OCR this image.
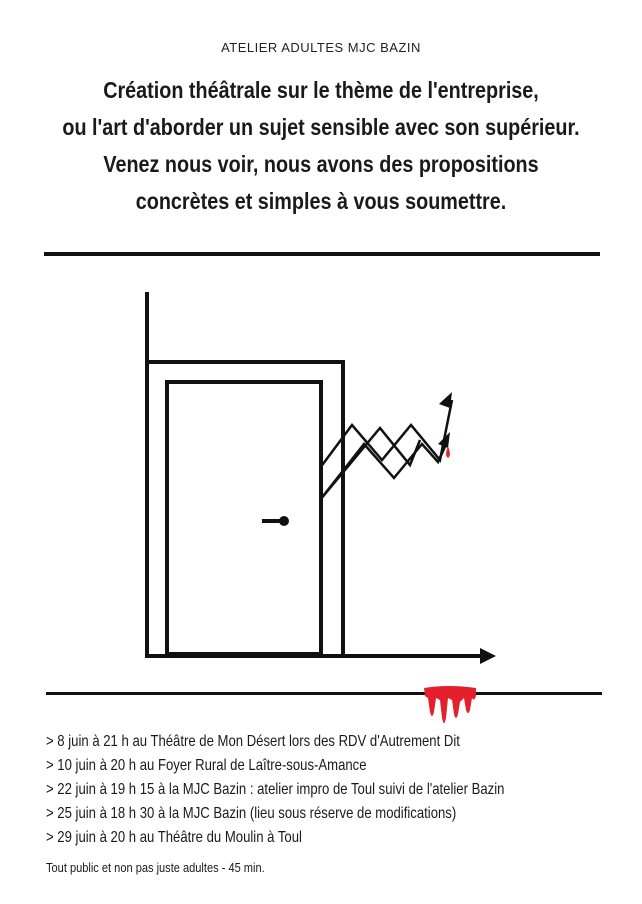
ATELIER ADULTES MJC BAZIN
Création théâtrale sur le thème de l'entreprise,
ou l'art d'aborder un sujet sensible avec son supérieur.
Venez nous voir, nous avons des propositions
concrètes et simples à vous soumettre.
> 8 juin à 21 h au Théâtre de Mon Désert lors des RDV d'Autrement Dit
> 10 juin à 20 h au Foyer Rural de Laître-sous-Amance
> 22 juin à 19 h 15 à la MJC Bazin : atelier impro de Toul suivi de l'atelier Bazin
> 25 juin à 18 h 30 à la MJC Bazin (lieu sous réserve de modifications)
> 29 juin à 20 h au Théâtre du Moulin à Toul
Tout public et non pas juste adultes - 45 min.
